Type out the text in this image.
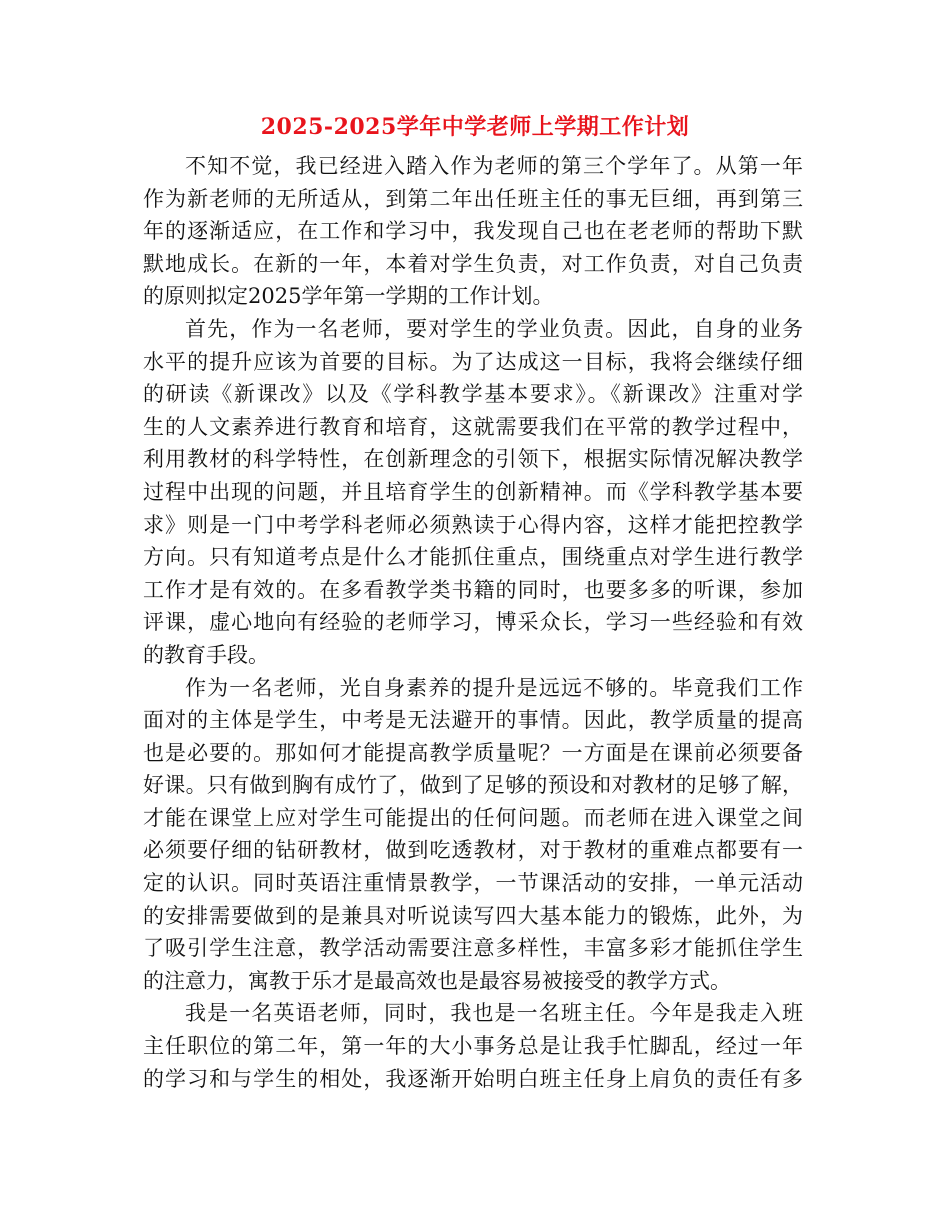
2025-2025学年中学老师上学期工作计划
不知不觉，我已经进入踏入作为老师的第三个学年了。从第一年
作为新老师的无所适从，到第二年出任班主任的事无巨细，再到第三
年的逐渐适应，在工作和学习中，我发现自己也在老老师的帮助下默
默地成长。在新的一年，本着对学生负责，对工作负责，对自己负责
的原则拟定2025学年第一学期的工作计划。
首先，作为一名老师，要对学生的学业负责。因此，自身的业务
水平的提升应该为首要的目标。为了达成这一目标，我将会继续仔细
的研读《新课改》以及《学科教学基本要求》。《新课改》注重对学
生的人文素养进行教育和培育，这就需要我们在平常的教学过程中，
利用教材的科学特性，在创新理念的引领下，根据实际情况解决教学
过程中出现的问题，并且培育学生的创新精神。而《学科教学基本要
求》则是一门中考学科老师必须熟读于心得内容，这样才能把控教学
方向。只有知道考点是什么才能抓住重点，围绕重点对学生进行教学
工作才是有效的。在多看教学类书籍的同时，也要多多的听课，参加
评课，虚心地向有经验的老师学习，博采众长，学习一些经验和有效
的教育手段。
作为一名老师，光自身素养的提升是远远不够的。毕竟我们工作
面对的主体是学生，中考是无法避开的事情。因此，教学质量的提高
也是必要的。那如何才能提高教学质量呢？一方面是在课前必须要备
好课。只有做到胸有成竹了，做到了足够的预设和对教材的足够了解，
才能在课堂上应对学生可能提出的任何问题。而老师在进入课堂之间
必须要仔细的钻研教材，做到吃透教材，对于教材的重难点都要有一
定的认识。同时英语注重情景教学，一节课活动的安排，一单元活动
的安排需要做到的是兼具对听说读写四大基本能力的锻炼，此外，为
了吸引学生注意，教学活动需要注意多样性，丰富多彩才能抓住学生
的注意力，寓教于乐才是最高效也是最容易被接受的教学方式。
我是一名英语老师，同时，我也是一名班主任。今年是我走入班
主任职位的第二年，第一年的大小事务总是让我手忙脚乱，经过一年
的学习和与学生的相处，我逐渐开始明白班主任身上肩负的责任有多
